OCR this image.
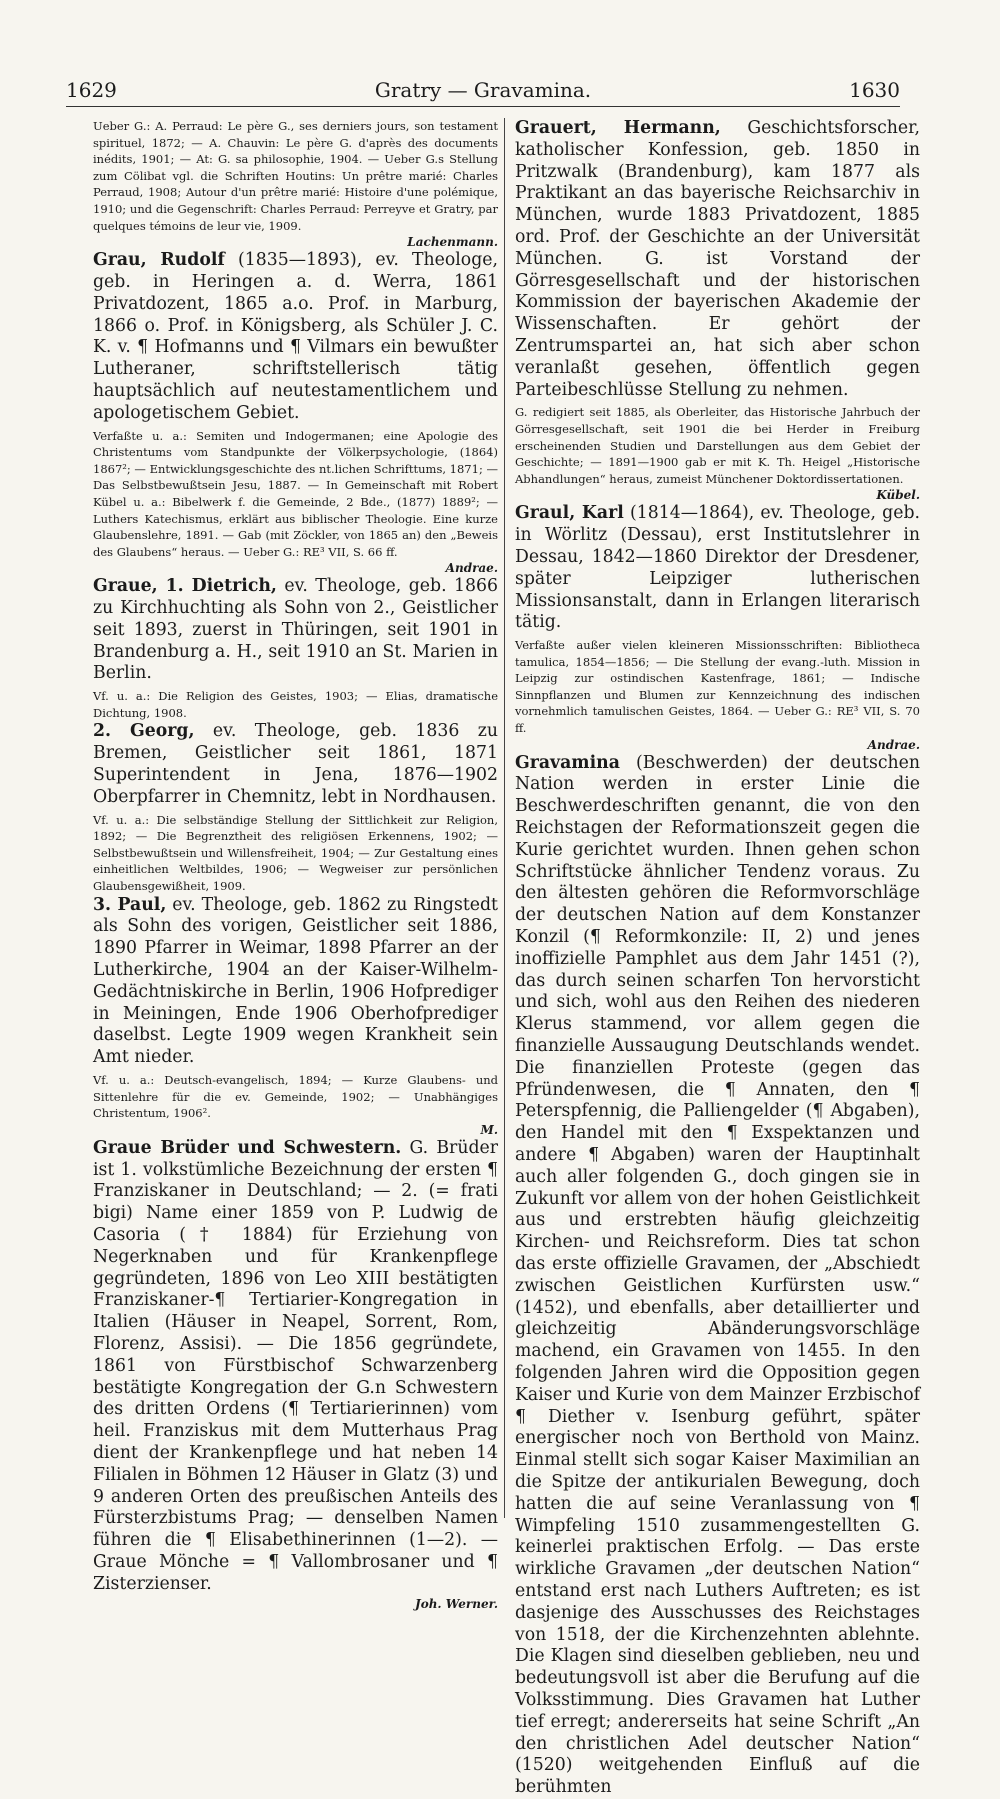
1629	Gratry — Gravamina.	1630

Ueber G.: A. Perraud: Le père G., ses derniers jours, son testament spirituel, 1872; — A. Chauvin: Le père G. d'après des documents inédits, 1901; — At: G. sa philosophie, 1904. — Ueber G.s Stellung zum Cölibat vgl. die Schriften Houtins: Un prêtre marié: Charles Perraud, 1908; Autour d'un prêtre marié: Histoire d'une polémique, 1910; und die Gegenschrift: Charles Perraud: Perreyve et Gratry, par quelques témoins de leur vie, 1909.

Lachenmann.

Grau, Rudolf (1835—1893), ev. Theologe, geb. in Heringen a. d. Werra, 1861 Privatdozent, 1865 a.o. Prof. in Marburg, 1866 o. Prof. in Königsberg, als Schüler J. C. K. v. ¶ Hofmanns und ¶ Vilmars ein bewußter Lutheraner, schriftstellerisch tätig hauptsächlich auf neutestamentlichem und apologetischem Gebiet.

Verfaßte u. a.: Semiten und Indogermanen; eine Apologie des Christentums vom Standpunkte der Völkerpsychologie, (1864) 1867²; — Entwicklungsgeschichte des nt.lichen Schrifttums, 1871; — Das Selbstbewußtsein Jesu, 1887. — In Gemeinschaft mit Robert Kübel u. a.: Bibelwerk f. die Gemeinde, 2 Bde., (1877) 1889²; — Luthers Katechismus, erklärt aus biblischer Theologie. Eine kurze Glaubenslehre, 1891. — Gab (mit Zöckler, von 1865 an) den „Beweis des Glaubens“ heraus. — Ueber G.: RE³ VII, S. 66 ff.

Andrae.

Graue, 1. Dietrich, ev. Theologe, geb. 1866 zu Kirchhuchting als Sohn von 2., Geistlicher seit 1893, zuerst in Thüringen, seit 1901 in Brandenburg a. H., seit 1910 an St. Marien in Berlin.

Vf. u. a.: Die Religion des Geistes, 1903; — Elias, dramatische Dichtung, 1908.

2. Georg, ev. Theologe, geb. 1836 zu Bremen, Geistlicher seit 1861, 1871 Superintendent in Jena, 1876—1902 Oberpfarrer in Chemnitz, lebt in Nordhausen.

Vf. u. a.: Die selbständige Stellung der Sittlichkeit zur Religion, 1892; — Die Begrenztheit des religiösen Erkennens, 1902; — Selbstbewußtsein und Willensfreiheit, 1904; — Zur Gestaltung eines einheitlichen Weltbildes, 1906; — Wegweiser zur persönlichen Glaubensgewißheit, 1909.

3. Paul, ev. Theologe, geb. 1862 zu Ringstedt als Sohn des vorigen, Geistlicher seit 1886, 1890 Pfarrer in Weimar, 1898 Pfarrer an der Lutherkirche, 1904 an der Kaiser-Wilhelm-Gedächtniskirche in Berlin, 1906 Hofprediger in Meiningen, Ende 1906 Oberhofprediger daselbst. Legte 1909 wegen Krankheit sein Amt nieder.

Vf. u. a.: Deutsch-evangelisch, 1894; — Kurze Glaubens- und Sittenlehre für die ev. Gemeinde, 1902; — Unabhängiges Christentum, 1906².

M.

Graue Brüder und Schwestern. G. Brüder ist 1. volkstümliche Bezeichnung der ersten ¶ Franziskaner in Deutschland; — 2. (= frati bigi) Name einer 1859 von P. Ludwig de Casoria († 1884) für Erziehung von Negerknaben und für Krankenpflege gegründeten, 1896 von Leo XIII bestätigten Franziskaner-¶ Tertiarier-Kongregation in Italien (Häuser in Neapel, Sorrent, Rom, Florenz, Assisi). — Die 1856 gegründete, 1861 von Fürstbischof Schwarzenberg bestätigte Kongregation der G.n Schwestern des dritten Ordens (¶ Tertiarierinnen) vom heil. Franziskus mit dem Mutterhaus Prag dient der Krankenpflege und hat neben 14 Filialen in Böhmen 12 Häuser in Glatz (3) und 9 anderen Orten des preußischen Anteils des Fürsterzbistums Prag; — denselben Namen führen die ¶ Elisabethinerinnen (1—2). — Graue Mönche = ¶ Vallombrosaner und ¶ Zisterzienser.

Joh. Werner.

Grauert, Hermann, Geschichtsforscher, katholischer Konfession, geb. 1850 in Pritzwalk (Brandenburg), kam 1877 als Praktikant an das bayerische Reichsarchiv in München, wurde 1883 Privatdozent, 1885 ord. Prof. der Geschichte an der Universität München. G. ist Vorstand der Görresgesellschaft und der historischen Kommission der bayerischen Akademie der Wissenschaften. Er gehört der Zentrumspartei an, hat sich aber schon veranlaßt gesehen, öffentlich gegen Parteibeschlüsse Stellung zu nehmen.

G. redigiert seit 1885, als Oberleiter, das Historische Jahrbuch der Görresgesellschaft, seit 1901 die bei Herder in Freiburg erscheinenden Studien und Darstellungen aus dem Gebiet der Geschichte; — 1891—1900 gab er mit K. Th. Heigel „Historische Abhandlungen“ heraus, zumeist Münchener Doktordissertationen.

Kübel.

Graul, Karl (1814—1864), ev. Theologe, geb. in Wörlitz (Dessau), erst Institutslehrer in Dessau, 1842—1860 Direktor der Dresdener, später Leipziger lutherischen Missionsanstalt, dann in Erlangen literarisch tätig.

Verfaßte außer vielen kleineren Missionsschriften: Bibliotheca tamulica, 1854—1856; — Die Stellung der evang.-luth. Mission in Leipzig zur ostindischen Kastenfrage, 1861; — Indische Sinnpflanzen und Blumen zur Kennzeichnung des indischen vornehmlich tamulischen Geistes, 1864. — Ueber G.: RE³ VII, S. 70 ff.

Andrae.

Gravamina (Beschwerden) der deutschen Nation werden in erster Linie die Beschwerdeschriften genannt, die von den Reichstagen der Reformationszeit gegen die Kurie gerichtet wurden. Ihnen gehen schon Schriftstücke ähnlicher Tendenz voraus. Zu den ältesten gehören die Reformvorschläge der deutschen Nation auf dem Konstanzer Konzil (¶ Reformkonzile: II, 2) und jenes inoffizielle Pamphlet aus dem Jahr 1451 (?), das durch seinen scharfen Ton hervorsticht und sich, wohl aus den Reihen des niederen Klerus stammend, vor allem gegen die finanzielle Aussaugung Deutschlands wendet. Die finanziellen Proteste (gegen das Pfründenwesen, die ¶ Annaten, den ¶ Peterspfennig, die Palliengelder (¶ Abgaben), den Handel mit den ¶ Exspektanzen und andere ¶ Abgaben) waren der Hauptinhalt auch aller folgenden G., doch gingen sie in Zukunft vor allem von der hohen Geistlichkeit aus und erstrebten häufig gleichzeitig Kirchen- und Reichsreform. Dies tat schon das erste offizielle Gravamen, der „Abschiedt zwischen Geistlichen Kurfürsten usw.“ (1452), und ebenfalls, aber detaillierter und gleichzeitig Abänderungsvorschläge machend, ein Gravamen von 1455. In den folgenden Jahren wird die Opposition gegen Kaiser und Kurie von dem Mainzer Erzbischof ¶ Diether v. Isenburg geführt, später energischer noch von Berthold von Mainz. Einmal stellt sich sogar Kaiser Maximilian an die Spitze der antikurialen Bewegung, doch hatten die auf seine Veranlassung von ¶ Wimpfeling 1510 zusammengestellten G. keinerlei praktischen Erfolg. — Das erste wirkliche Gravamen „der deutschen Nation“ entstand erst nach Luthers Auftreten; es ist dasjenige des Ausschusses des Reichstages von 1518, der die Kirchenzehnten ablehnte. Die Klagen sind dieselben geblieben, neu und bedeutungsvoll ist aber die Berufung auf die Volksstimmung. Dies Gravamen hat Luther tief erregt; andererseits hat seine Schrift „An den christlichen Adel deutscher Nation“ (1520) weitgehenden Einfluß auf die berühmten
